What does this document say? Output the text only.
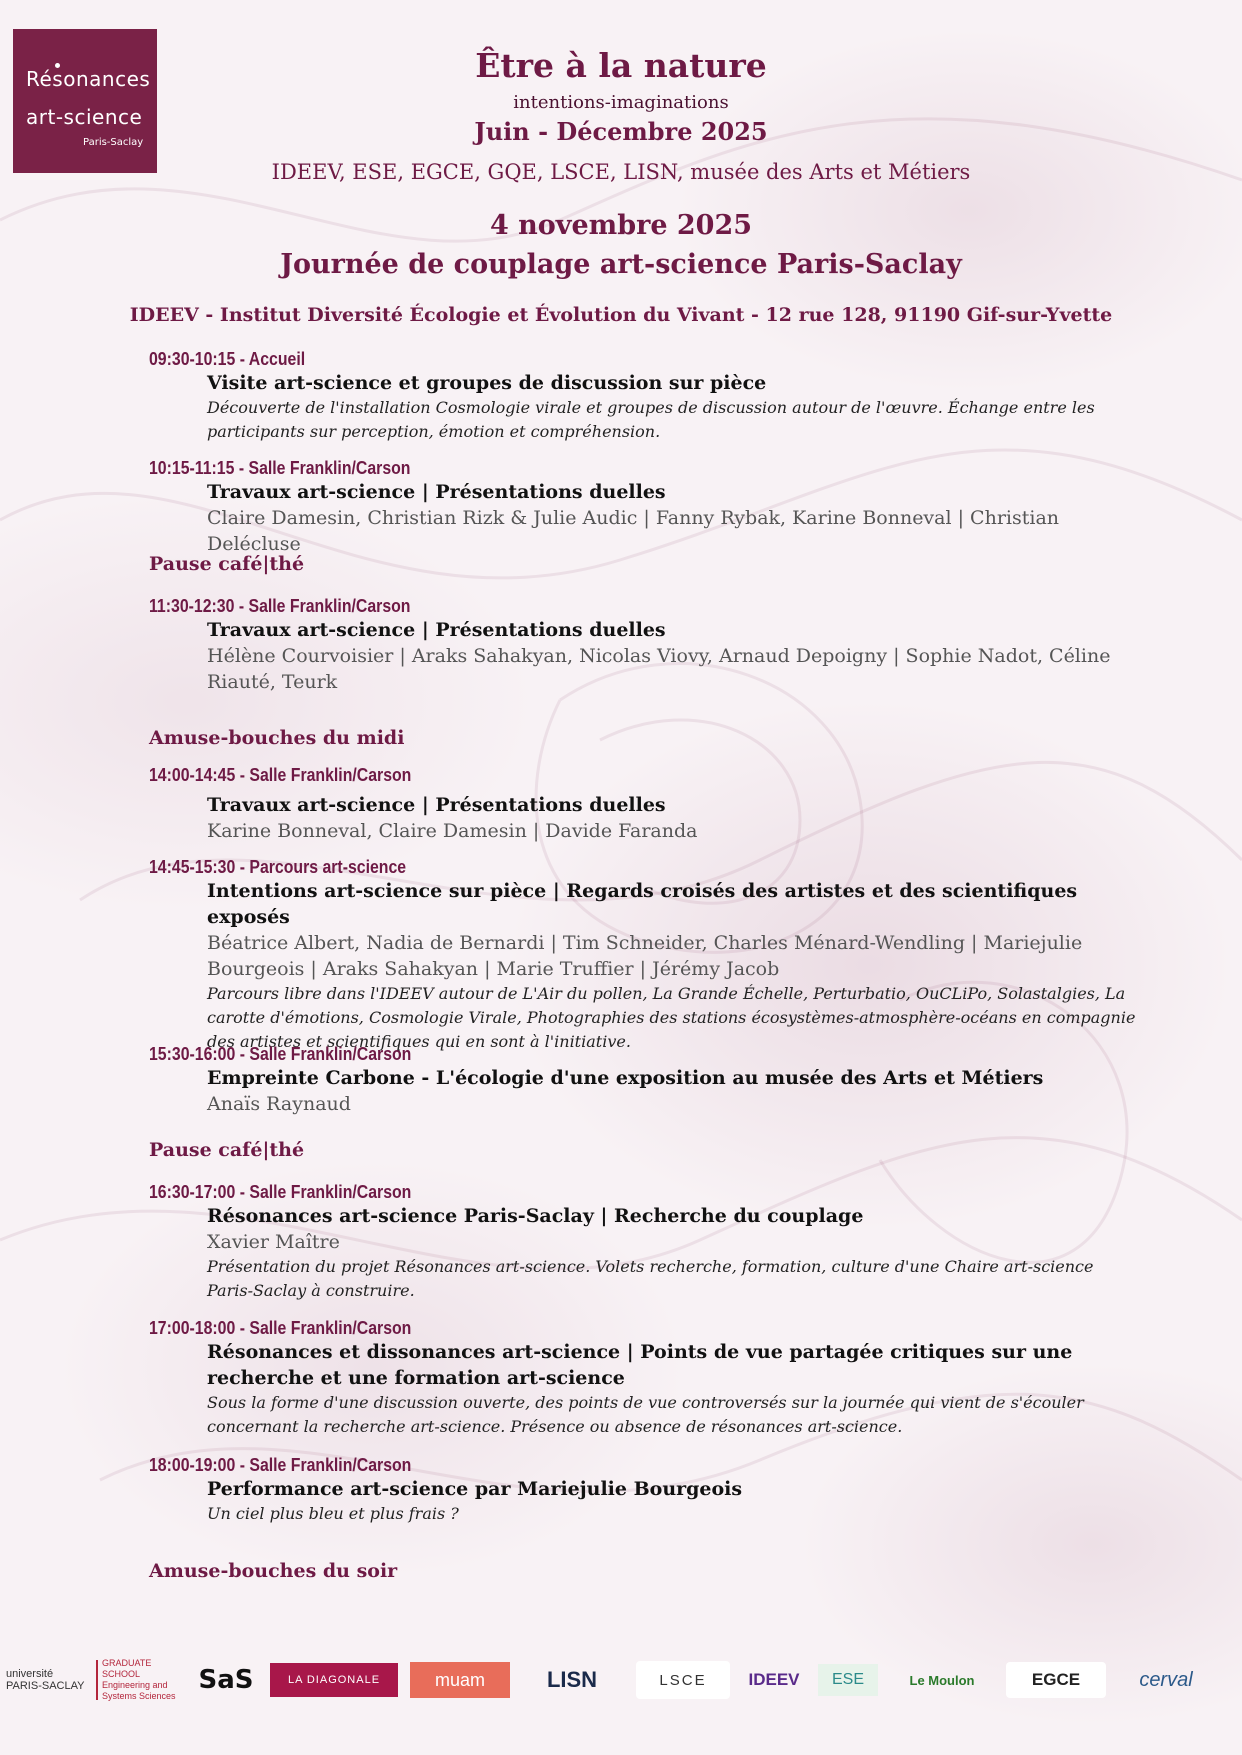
Résonances
art-science
Paris-Saclay
Être à la nature
intentions-imaginations
Juin - Décembre 2025
IDEEV, ESE, EGCE, GQE, LSCE, LISN, musée des Arts et Métiers
4 novembre 2025
Journée de couplage art-science Paris-Saclay
IDEEV - Institut Diversité Écologie et Évolution du Vivant - 12 rue 128, 91190 Gif-sur-Yvette
09:30-10:15 - Accueil
Visite art-science et groupes de discussion sur pièce
Découverte de l'installation Cosmologie virale et groupes de discussion autour de l'œuvre. Échange entre les participants sur perception, émotion et compréhension.
10:15-11:15 - Salle Franklin/Carson
Travaux art-science | Présentations duelles
Claire Damesin, Christian Rizk & Julie Audic | Fanny Rybak, Karine Bonneval | Christian Delécluse
Pause café|thé
11:30-12:30 - Salle Franklin/Carson
Travaux art-science | Présentations duelles
Hélène Courvoisier | Araks Sahakyan, Nicolas Viovy, Arnaud Depoigny | Sophie Nadot, Céline Riauté, Teurk
Amuse-bouches du midi
14:00-14:45 - Salle Franklin/Carson
Travaux art-science | Présentations duelles
Karine Bonneval, Claire Damesin | Davide Faranda
14:45-15:30 - Parcours art-science
Intentions art-science sur pièce | Regards croisés des artistes et des scientifiques exposés
Béatrice Albert, Nadia de Bernardi | Tim Schneider, Charles Ménard-Wendling | Mariejulie Bourgeois | Araks Sahakyan | Marie Truffier | Jérémy Jacob
Parcours libre dans l'IDEEV autour de L'Air du pollen, La Grande Échelle, Perturbatio, OuCLiPo, Solastalgies, La carotte d'émotions, Cosmologie Virale, Photographies des stations écosystèmes-atmosphère-océans en compagnie des artistes et scientifiques qui en sont à l'initiative.
15:30-16:00 - Salle Franklin/Carson
Empreinte Carbone - L'écologie d'une exposition au musée des Arts et Métiers
Anaïs Raynaud
Pause café|thé
16:30-17:00 - Salle Franklin/Carson
Résonances art-science Paris-Saclay | Recherche du couplage
Xavier Maître
Présentation du projet Résonances art-science. Volets recherche, formation, culture d'une Chaire art-science Paris-Saclay à construire.
17:00-18:00 - Salle Franklin/Carson
Résonances et dissonances art-science | Points de vue partagée critiques sur une recherche et une formation art-science
Sous la forme d'une discussion ouverte, des points de vue controversés sur la journée qui vient de s'écouler concernant la recherche art-science. Présence ou absence de résonances art-science.
18:00-19:00 - Salle Franklin/Carson
Performance art-science par Mariejulie Bourgeois
Un ciel plus bleu et plus frais ?
Amuse-bouches du soir
université PARIS-SACLAY
GRADUATE SCHOOL Engineering and Systems Sciences
SaS	LA DIAGONALE	muam	LISN	LSCE	IDEEV	ESE	Le Moulon	EGCE	cerval
